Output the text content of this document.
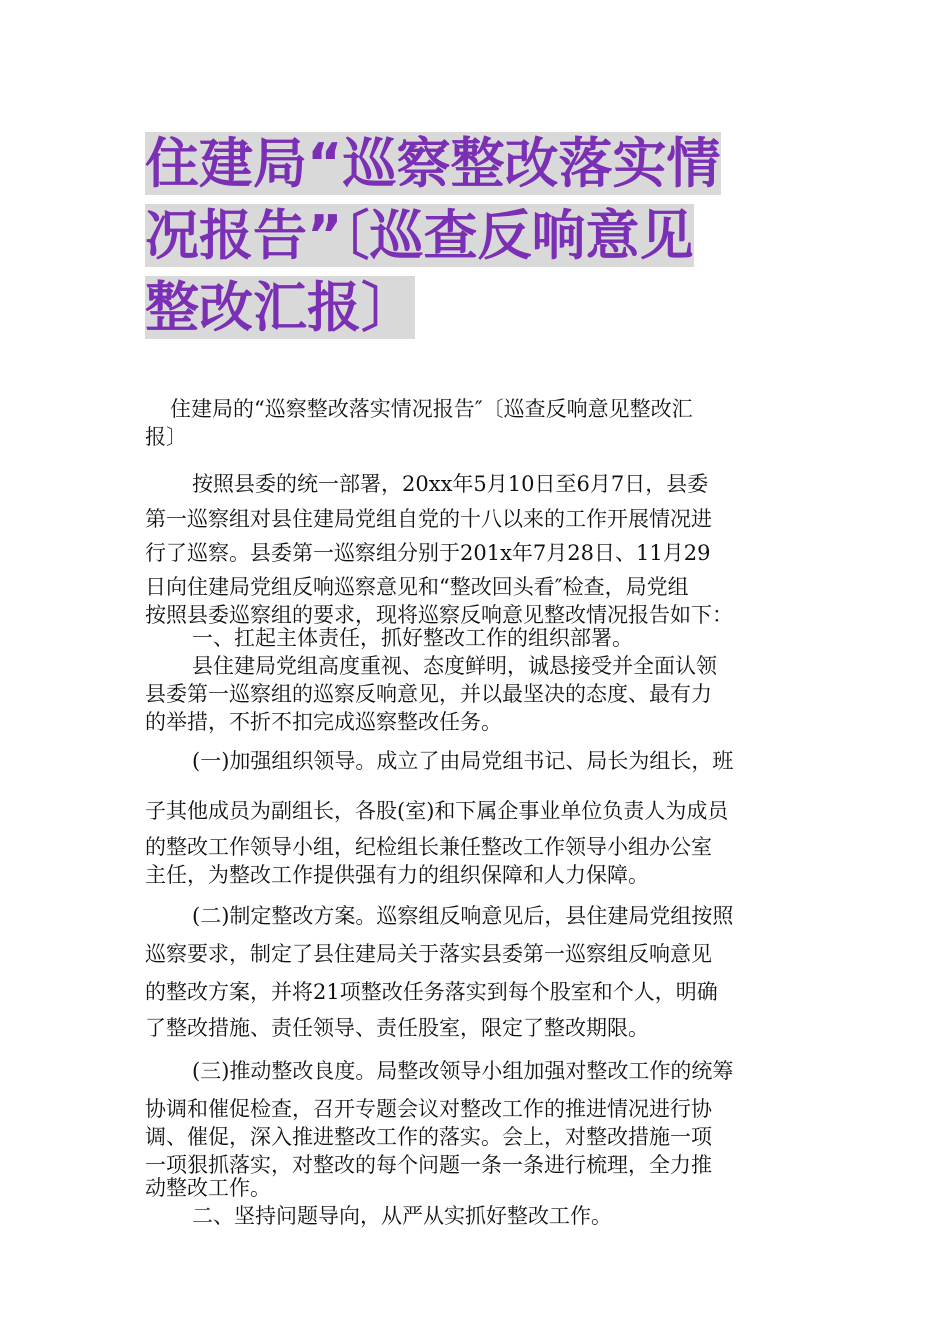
住建局“巡察整改落实情
况报告”〔巡查反响意见
整改汇报〕

住建局的“巡察整改落实情况报告″〔巡查反响意见整改汇

报〕

按照县委的统一部署，20xx年5月10日至6月7日，县委

第一巡察组对县住建局党组自党的十八以来的工作开展情况进

行了巡察。县委第一巡察组分别于201x年7月28日、11月29

日向住建局党组反响巡察意见和“整改回头看″检查，局党组

按照县委巡察组的要求，现将巡察反响意见整改情况报告如下：

一、扛起主体责任，抓好整改工作的组织部署。

县住建局党组高度重视、态度鲜明，诚恳接受并全面认领

县委第一巡察组的巡察反响意见，并以最坚决的态度、最有力

的举措，不折不扣完成巡察整改任务。

(一)加强组织领导。成立了由局党组书记、局长为组长，班

子其他成员为副组长，各股(室)和下属企事业单位负责人为成员

的整改工作领导小组，纪检组长兼任整改工作领导小组办公室

主任，为整改工作提供强有力的组织保障和人力保障。

(二)制定整改方案。巡察组反响意见后，县住建局党组按照

巡察要求，制定了县住建局关于落实县委第一巡察组反响意见

的整改方案，并将21项整改任务落实到每个股室和个人，明确

了整改措施、责任领导、责任股室，限定了整改期限。

(三)推动整改良度。局整改领导小组加强对整改工作的统筹

协调和催促检查，召开专题会议对整改工作的推进情况进行协

调、催促，深入推进整改工作的落实。会上，对整改措施一项

一项狠抓落实，对整改的每个问题一条一条进行梳理，全力推

动整改工作。

二、坚持问题导向，从严从实抓好整改工作。
